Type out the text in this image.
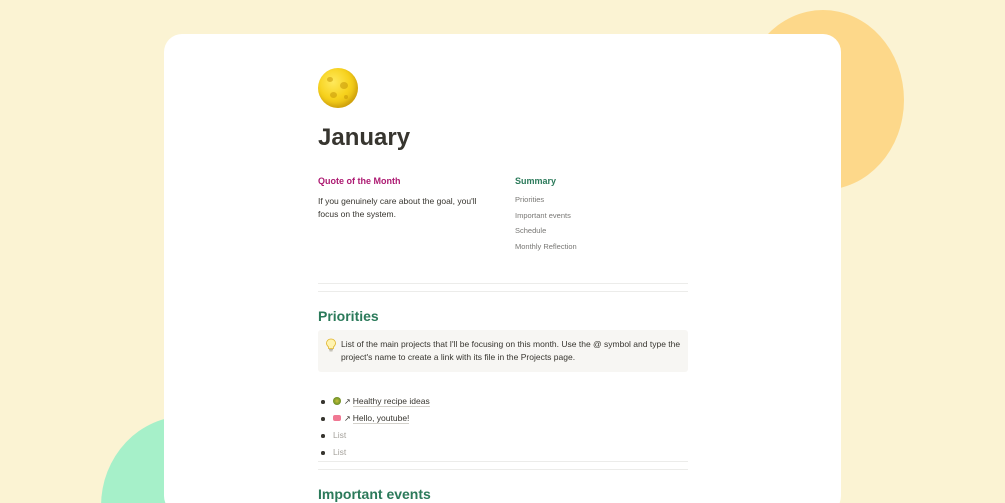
January

Quote of the Month

If you genuinely care about the goal, you'll focus on the system.

Summary

Priorities
Important events
Schedule
Monthly Reflection
Priorities
List of the main projects that I'll be focusing on this month. Use the @ symbol and type the project's name to create a link with its file in the Projects page.
↗ Healthy recipe ideas
↗ Hello, youtube!
List
List
Important events
